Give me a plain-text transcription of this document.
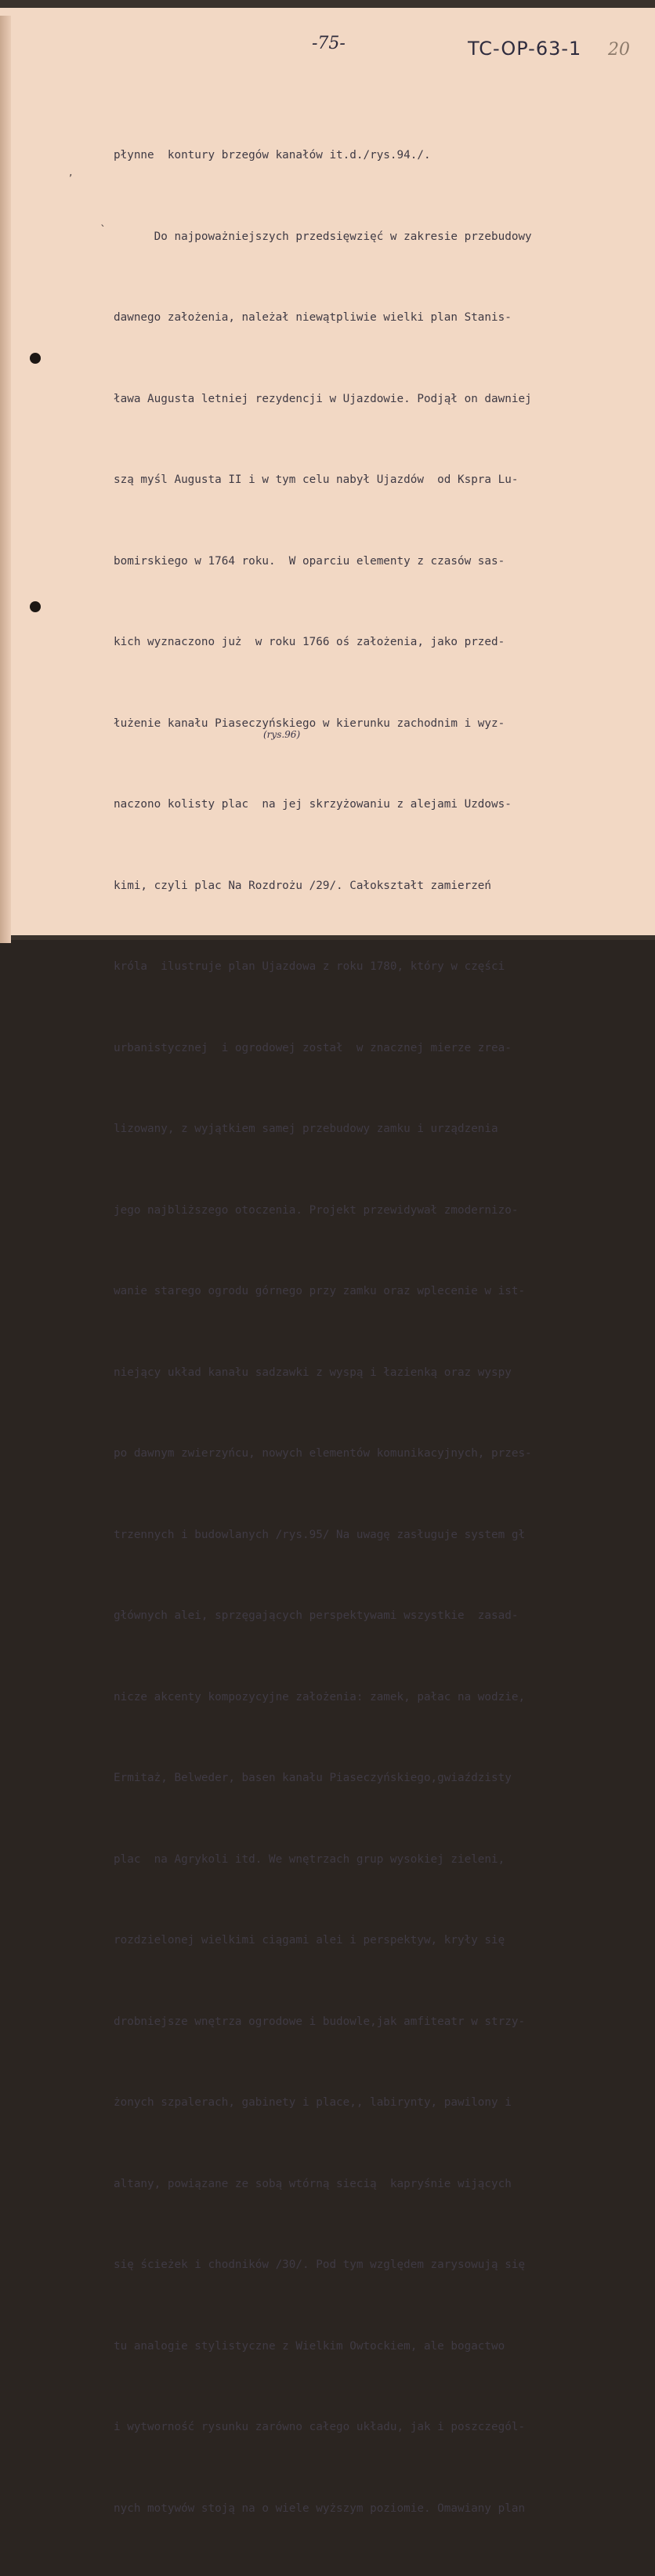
-75-	TC-OP-63-1 20
,
`

płynne  kontury brzegów kanałów it.d./rys.94./.

Do najpoważniejszych przedsięwzięć w zakresie przebudowy

dawnego założenia, należał niewątpliwie wielki plan Stanis-

ława Augusta letniej rezydencji w Ujazdowie. Podjął on dawniej

szą myśl Augusta II i w tym celu nabył Ujazdów  od Kspra Lu-

bomirskiego w 1764 roku.  W oparciu elementy z czasów sas-

kich wyznaczono już  w roku 1766 oś założenia, jako przed-

łużenie kanału Piaseczyńskiego w kierunku zachodnim i wyz-

naczono kolisty plac  na jej skrzyżowaniu z alejami Uzdows-

kimi, czyli plac Na Rozdrożu /29/. Całokształt zamierzeń

króla  ilustruje plan Ujazdowa z roku 1780, który w części

urbanistycznej  i ogrodowej został  w znacznej mierze zrea-

lizowany, z wyjątkiem samej przebudowy zamku i urządzenia

jego najbliższego otoczenia. Projekt przewidywał zmodernizo-

wanie starego ogrodu górnego przy zamku oraz wplecenie w ist-

niejący układ kanału sadzawki z wyspą i łazienką oraz wyspy

po dawnym zwierzyńcu, nowych elementów komunikacyjnych, przes-

trzennych i budowlanych /rys.95/ Na uwagę zasługuje system gł

głównych alei, sprzęgających perspektywami wszystkie  zasad-

nicze akcenty kompozycyjne założenia: zamek, pałac na wodzie,

Ermitaż, Belweder, basen kanału Piaseczyńskiego,gwiaździsty

plac  na Agrykoli itd. We wnętrzach grup wysokiej zieleni,

rozdzielonej wielkimi ciągami alei i perspektyw, kryły się

drobniejsze wnętrza ogrodowe i budowle,jak amfiteatr w strzy-

żonych szpalerach, gabinety i place,, labirynty, pawilony i

altany, powiązane ze sobą wtórną siecią  kapryśnie wijących

się ścieżek i chodników /30/. Pod tym względem zarysowują się

tu analogie stylistyczne z Wielkim Owtockiem, ale bogactwo

i wytworność rysunku zarówno całego układu, jak i poszczegól-

nych motywów stoją na o wiele wyższym poziomie. Omawiany plan

(rys.96)
